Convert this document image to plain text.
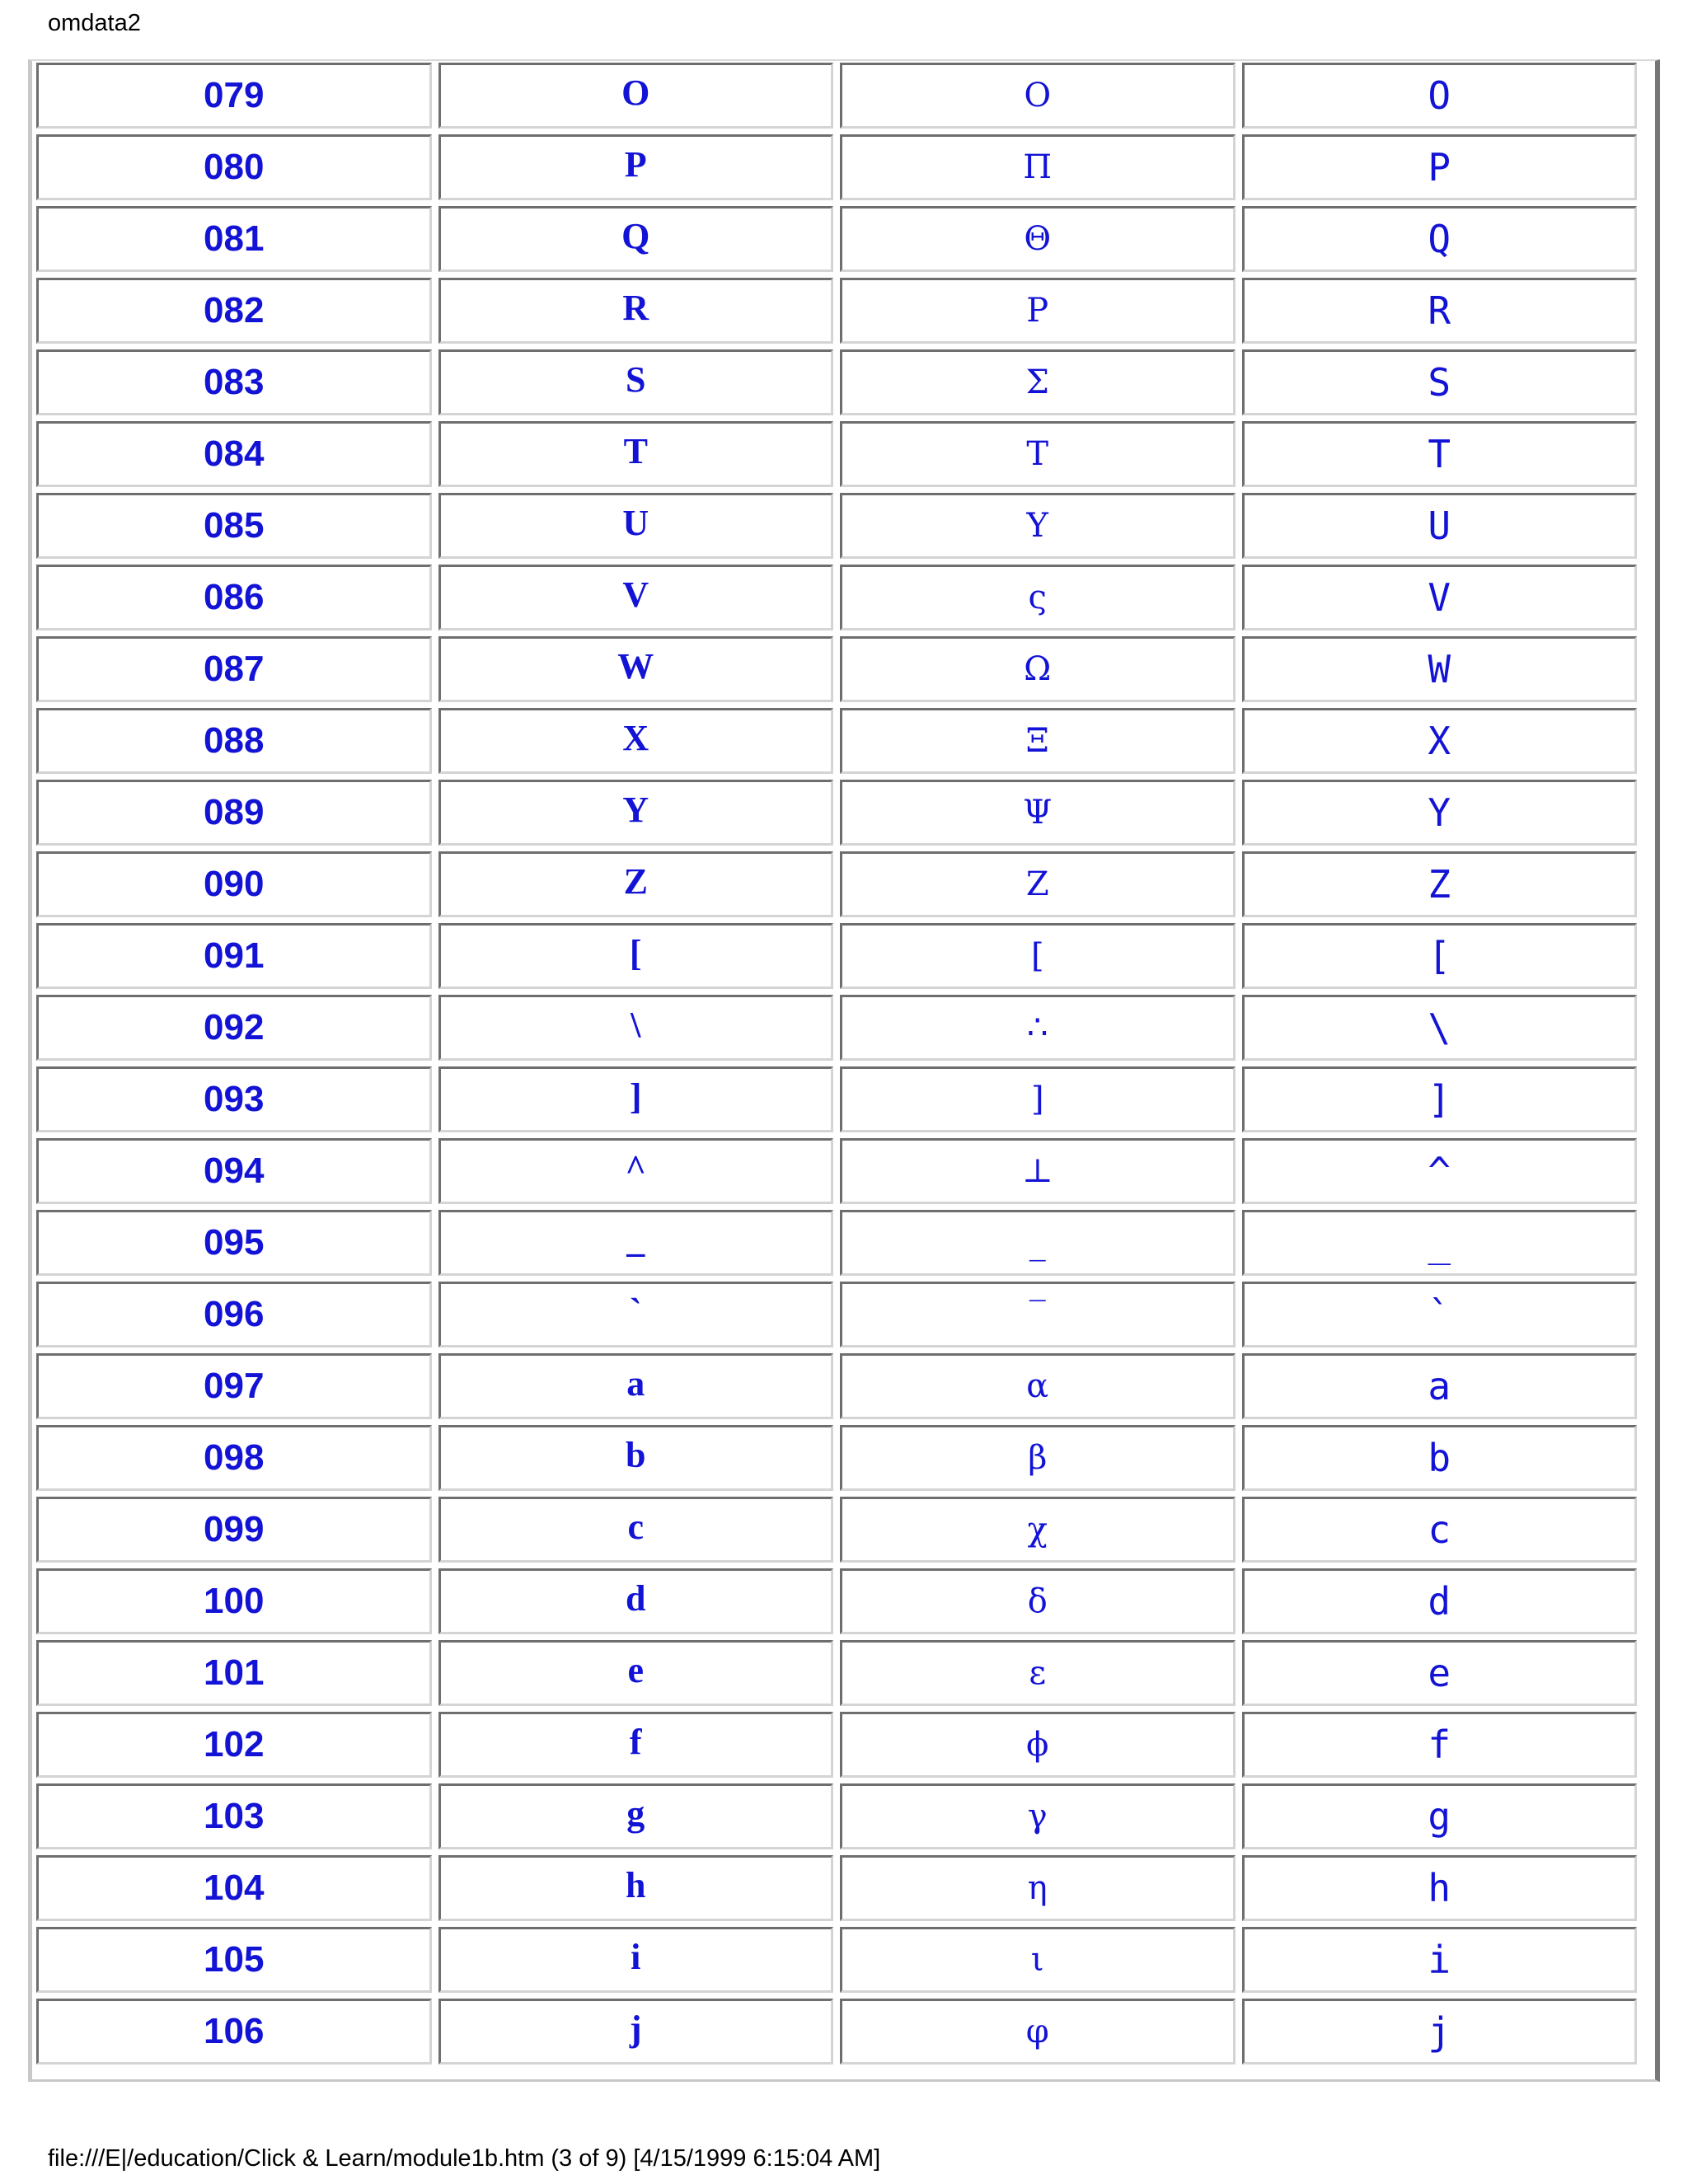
omdata2
079	O	Ο	O
080	P	Π	P
081	Q	Θ	Q
082	R	Ρ	R
083	S	Σ	S
084	T	Τ	T
085	U	Υ	U
086	V	ς	V
087	W	Ω	W
088	X	Ξ	X
089	Y	Ψ	Y
090	Z	Ζ	Z
091	[	[	[
092	\	∴	\
093	]	]	]
094	^	⊥	^
095	_	_	_
096	`	‾	`
097	a	α	a
098	b	β	b
099	c	χ	c
100	d	δ	d
101	e	ε	e
102	f	ϕ	f
103	g	γ	g
104	h	η	h
105	i	ι	i
106	j	φ	j
file:///E|/education/Click & Learn/module1b.htm (3 of 9) [4/15/1999 6:15:04 AM]
